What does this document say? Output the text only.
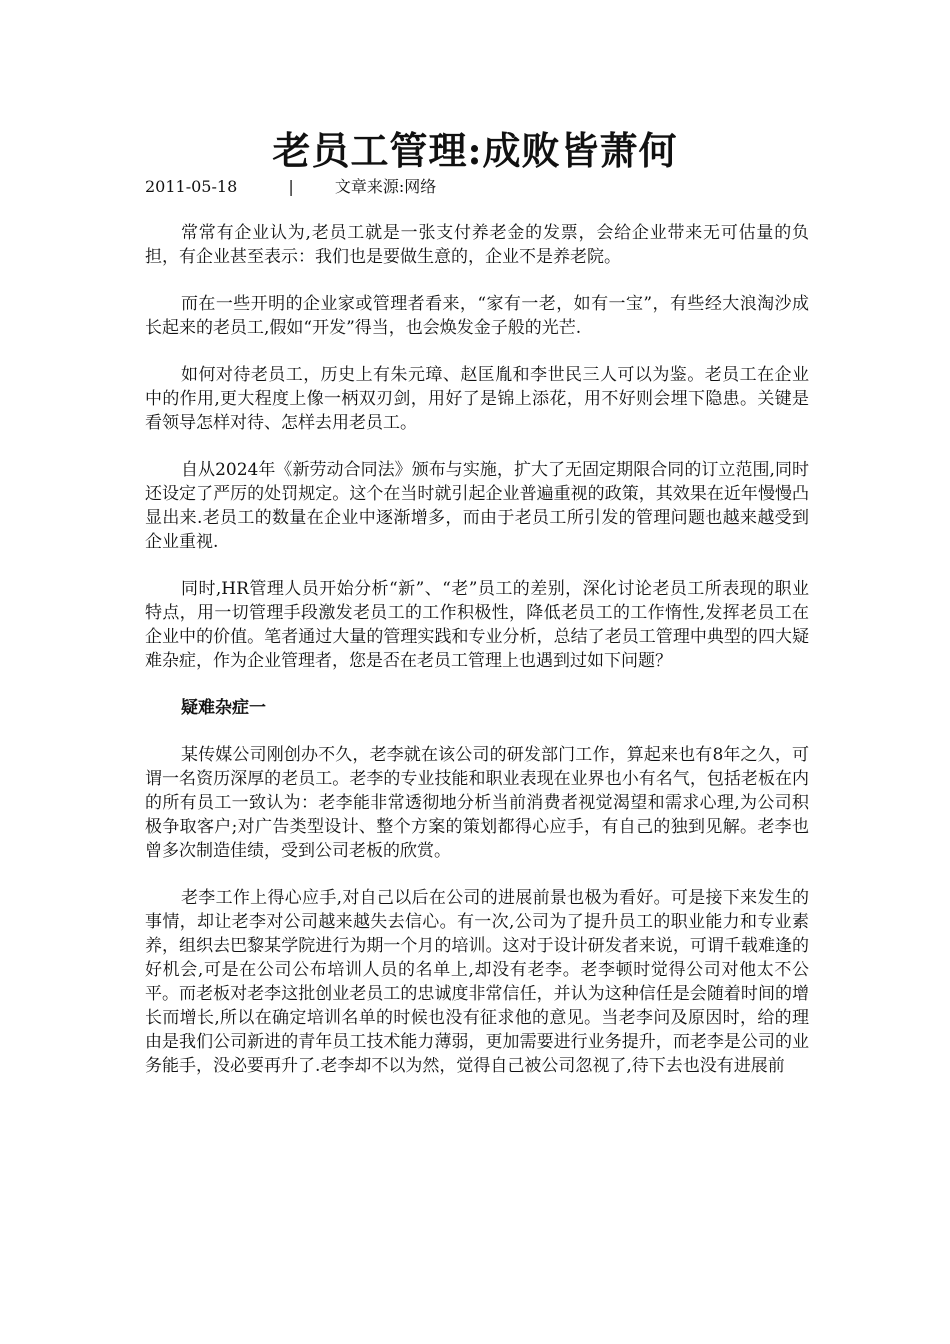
老员工管理:成败皆萧何
2011-05-18	|	文章来源:网络

常常有企业认为,老员工就是一张支付养老金的发票，会给企业带来无可估量的负担，有企业甚至表示：我们也是要做生意的，企业不是养老院。

而在一些开明的企业家或管理者看来，“家有一老，如有一宝”，有些经大浪淘沙成长起来的老员工,假如“开发”得当，也会焕发金子般的光芒.

如何对待老员工，历史上有朱元璋、赵匡胤和李世民三人可以为鉴。老员工在企业中的作用,更大程度上像一柄双刃剑，用好了是锦上添花，用不好则会埋下隐患。关键是看领导怎样对待、怎样去用老员工。

自从2024年《新劳动合同法》颁布与实施，扩大了无固定期限合同的订立范围,同时还设定了严厉的处罚规定。这个在当时就引起企业普遍重视的政策，其效果在近年慢慢凸显出来.老员工的数量在企业中逐渐增多，而由于老员工所引发的管理问题也越来越受到企业重视.

同时,HR管理人员开始分析“新”、“老”员工的差别，深化讨论老员工所表现的职业特点，用一切管理手段激发老员工的工作积极性，降低老员工的工作惰性,发挥老员工在企业中的价值。笔者通过大量的管理实践和专业分析，总结了老员工管理中典型的四大疑难杂症，作为企业管理者，您是否在老员工管理上也遇到过如下问题？

疑难杂症一

某传媒公司刚创办不久，老李就在该公司的研发部门工作，算起来也有8年之久，可谓一名资历深厚的老员工。老李的专业技能和职业表现在业界也小有名气，包括老板在内的所有员工一致认为：老李能非常透彻地分析当前消费者视觉渴望和需求心理,为公司积极争取客户;对广告类型设计、整个方案的策划都得心应手，有自己的独到见解。老李也曾多次制造佳绩，受到公司老板的欣赏。

老李工作上得心应手,对自己以后在公司的进展前景也极为看好。可是接下来发生的事情，却让老李对公司越来越失去信心。有一次,公司为了提升员工的职业能力和专业素养，组织去巴黎某学院进行为期一个月的培训。这对于设计研发者来说，可谓千载难逢的好机会,可是在公司公布培训人员的名单上,却没有老李。老李顿时觉得公司对他太不公平。而老板对老李这批创业老员工的忠诚度非常信任，并认为这种信任是会随着时间的增长而增长,所以在确定培训名单的时候也没有征求他的意见。当老李问及原因时，给的理由是我们公司新进的青年员工技术能力薄弱，更加需要进行业务提升，而老李是公司的业务能手，没必要再升了.老李却不以为然，觉得自己被公司忽视了,待下去也没有进展前
